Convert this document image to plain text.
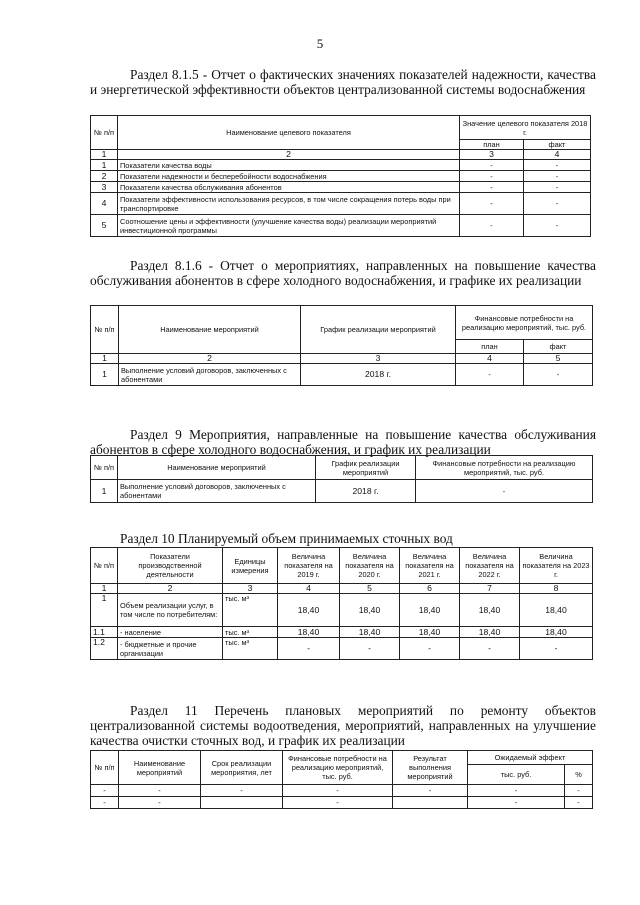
5
Раздел 8.1.5 - Отчет о фактических значениях показателей надежности, качества и энергетической эффективности объектов централизованной системы водоснабжения
№ п/п	Наименование целевого показателя	Значение целевого показателя 2018 г.	
		план	факт
1	2	3	4
1	Показатели качества воды	-	-
2	Показатели надежности и бесперебойности водоснабжения	-	-
3	Показатели качества обслуживания абонентов	-	-
4	Показатели эффективности использования ресурсов, в том числе сокращения потерь воды при транспортировке	-	-
5	Соотношение цены и эффективности (улучшение качества воды) реализации мероприятий инвестиционной программы	-	-
Раздел 8.1.6 - Отчет о мероприятиях, направленных на повышение качества обслуживания абонентов в сфере холодного водоснабжения, и графике их реализации
№ п/п	Наименование мероприятий	График реализации мероприятий	Финансовые потребности на реализацию мероприятий, тыс. руб.	
			план	факт
1	2	3	4	5
1	Выполнение условий договоров, заключенных с абонентами	2018 г.	-	-
Раздел 9 Мероприятия, направленные на повышение качества обслуживания абонентов в сфере холодного водоснабжения, и график их реализации
№ п/п	Наименование мероприятий	График реализации мероприятий	Финансовые потребности на реализацию мероприятий, тыс. руб.
1	Выполнение условий договоров, заключенных с абонентами	2018 г.	-
Раздел 10 Планируемый объем принимаемых сточных вод
№ п/п	Показатели производственной деятельности	Единицы измерения	Величина показателя на 2019 г.	Величина показателя на 2020 г.	Величина показателя на 2021 г.	Величина показателя на 2022 г.	Величина показателя на 2023 г.
1	2	3	4	5	6	7	8
1	Объем реализации услуг, в том числе по потребителям:	тыс. м³	18,40	18,40	18,40	18,40	18,40
1.1	- население	тыс. м³	18,40	18,40	18,40	18,40	18,40
1.2	- бюджетные и прочие организации	тыс. м³	-	-	-	-	-
Раздел 11 Перечень плановых мероприятий по ремонту объектов централизованной системы водоотведения, мероприятий, направленных на улучшение качества очистки сточных вод, и график их реализации
№ п/п	Наименование мероприятий	Срок реализации мероприятия, лет	Финансовые потребности на реализацию мероприятий, тыс. руб.	Результат выполнения мероприятий	Ожидаемый эффект	
					тыс. руб.	%
-	-	-	-	-	-	-
-	-		-		-	-
